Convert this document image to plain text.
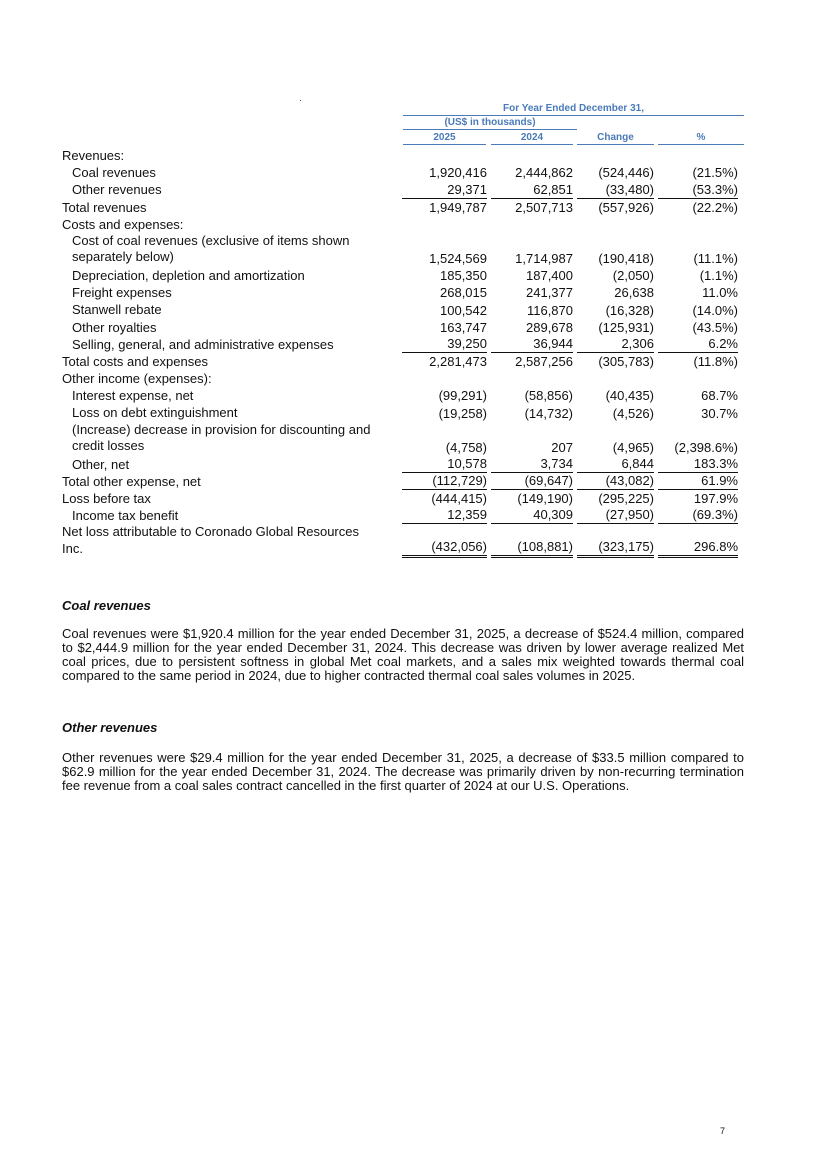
For Year Ended December 31,
(US$ in thousands)
2025	2024	Change	%
Revenues:
Coal revenues	1,920,416	2,444,862	(524,446)	(21.5%)
Other revenues	29,371	62,851	(33,480)	(53.3%)
Total revenues	1,949,787	2,507,713	(557,926)	(22.2%)
Costs and expenses:
Cost of coal revenues (exclusive of items shown
separately below)	1,524,569	1,714,987	(190,418)	(11.1%)
Depreciation, depletion and amortization	185,350	187,400	(2,050)	(1.1%)
Freight expenses	268,015	241,377	26,638	11.0%
Stanwell rebate	100,542	116,870	(16,328)	(14.0%)
Other royalties	163,747	289,678	(125,931)	(43.5%)
Selling, general, and administrative expenses	39,250	36,944	2,306	6.2%
Total costs and expenses	2,281,473	2,587,256	(305,783)	(11.8%)
Other income (expenses):
Interest expense, net	(99,291)	(58,856)	(40,435)	68.7%
Loss on debt extinguishment	(19,258)	(14,732)	(4,526)	30.7%
(Increase) decrease in provision for discounting and
credit losses	(4,758)	207	(4,965)	(2,398.6%)
Other, net	10,578	3,734	6,844	183.3%
Total other expense, net	(112,729)	(69,647)	(43,082)	61.9%
Loss before tax	(444,415)	(149,190)	(295,225)	197.9%
Income tax benefit	12,359	40,309	(27,950)	(69.3%)
Net loss attributable to Coronado Global Resources
Inc.	(432,056)	(108,881)	(323,175)	296.8%
Coal revenues
Coal revenues were $1,920.4 million for the year ended December 31, 2025, a decrease of $524.4 million, compared to $2,444.9 million for the year ended December 31, 2024. This decrease was driven by lower average realized Met coal prices, due to persistent softness in global Met coal markets, and a sales mix weighted towards thermal coal compared to the same period in 2024, due to higher contracted thermal coal sales volumes in 2025.
Other revenues
Other revenues were $29.4 million for the year ended December 31, 2025, a decrease of $33.5 million compared to $62.9 million for the year ended December 31, 2024. The decrease was primarily driven by non-recurring termination fee revenue from a coal sales contract cancelled in the first quarter of 2024 at our U.S. Operations.
7
